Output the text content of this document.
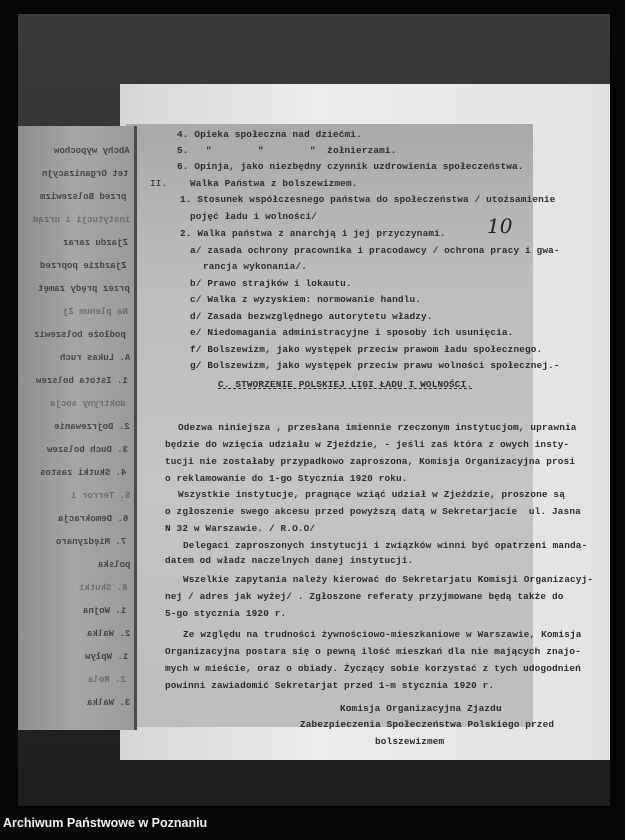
Abchy wypochow
tet Organizacyjn
przed Bolszewizm
instytucji i urząd
Zjazdu zaraz
Zjazdzie poprzed
przez prędy zamęt
Na plenum Zj
podłoże bolszewiz
A. Lukas ruch
1. Istota bolszew
doktryny socja
2. Dojrzewanie
3. Duch bolszew
4. Skutki zastos
5. Terror i
6. Demokracja
7. Międzynaro
polska
8. Skutki
1. Wojna
2. Walka
1. Wpływ
2. Rola
3. Walka
10
Archiwum Państwowe w Poznaniu
4. Opieka społeczna nad dziećmi.
5.   "        "        "  żołnierzami.
6. Opinja, jako niezbędny czynnik uzdrowienia społeczeństwa.
II. Walka Państwa z bolszewizmem.
1. Stosunek współczesnego państwa do społeczeństwa / utożsamienie
pojęć ładu i wolności/
2. Walka państwa z anarchją i jej przyczynami.
a/ zasada ochrony pracownika i pracodawcy / ochrona pracy i gwa-
rancja wykonania/.
b/ Prawo strajków i lokautu.
c/ Walka z wyzyskiem: normowanie handlu.
d/ Zasada bezwzględnego autorytetu władzy.
e/ Niedomagania administracyjne i sposoby ich usunięcia.
f/ Bolszewizm, jako występek przeciw prawom ładu społecznego.
g/ Bolszewizm, jako występek przeciw prawu wolności społecznej.-
C. STWORZENIE POLSKIEJ LIGI ŁADU I WOLNOŚCI.
Odezwa niniejsza , przesłana imiennie rzeczonym instytucjom, uprawnia
będzie do wzięcia udziału w Zjeździe, - jeśli zaś która z owych insty-
tucji nie zostałaby przypadkowo zaproszona, Komisja Organizacyjna prosi
o reklamowanie do 1-go Stycznia 1920 roku.
Wszystkie instytucje, pragnące wziąć udział w Zjeździe, proszone są
o zgłoszenie swego akcesu przed powyższą datą w Sekretarjacie  ul. Jasna
N 32 w Warszawie. / R.O.O/
Delegaci zaproszonych instytucji i związków winni być opatrzeni manda-
datem od władz naczelnych danej instytucji.
Wszelkie zapytania należy kierować do Sekretarjatu Komisji Organizacyj-
nej / adres jak wyżej/ . Zgłoszone referaty przyjmowane będą także do
5-go stycznia 1920 r.
Ze względu na trudności żywnościowo-mieszkaniowe w Warszawie, Komisja
Organizacyjna postara się o pewną ilość mieszkań dla nie mających znajo-
mych w mieście, oraz o obiady. Życzący sobie korzystać z tych udogodnień
powinni zawiadomić Sekretarjat przed 1-m stycznia 1920 r.
Komisja Organizacyjna Zjazdu
Zabezpieczenia Społeczeństwa Polskiego przed
bolszewizmem
